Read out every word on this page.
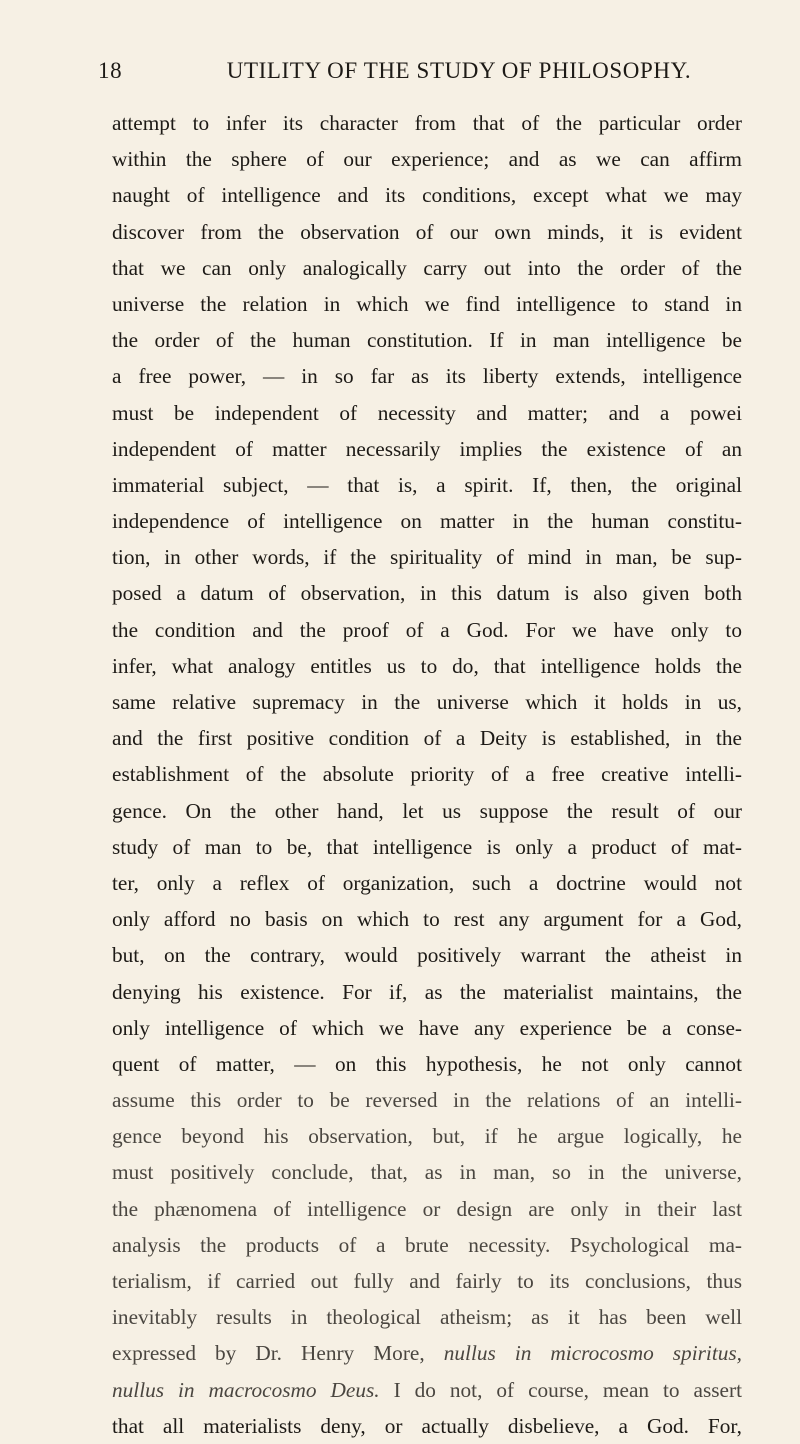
18	UTILITY OF THE STUDY OF PHILOSOPHY.
attempt to infer its character from that of the particular order
within the sphere of our experience; and as we can affirm
naught of intelligence and its conditions, except what we may
discover from the observation of our own minds, it is evident
that we can only analogically carry out into the order of the
universe the relation in which we find intelligence to stand in
the order of the human constitution. If in man intelligence be
a free power, — in so far as its liberty extends, intelligence
must be independent of necessity and matter; and a powei
independent of matter necessarily implies the existence of an
immaterial subject, — that is, a spirit. If, then, the original
independence of intelligence on matter in the human constitu-
tion, in other words, if the spirituality of mind in man, be sup-
posed a datum of observation, in this datum is also given both
the condition and the proof of a God. For we have only to
infer, what analogy entitles us to do, that intelligence holds the
same relative supremacy in the universe which it holds in us,
and the first positive condition of a Deity is established, in the
establishment of the absolute priority of a free creative intelli-
gence. On the other hand, let us suppose the result of our
study of man to be, that intelligence is only a product of mat-
ter, only a reflex of organization, such a doctrine would not
only afford no basis on which to rest any argument for a God,
but, on the contrary, would positively warrant the atheist in
denying his existence. For if, as the materialist maintains, the
only intelligence of which we have any experience be a conse-
quent of matter, — on this hypothesis, he not only cannot
assume this order to be reversed in the relations of an intelli-
gence beyond his observation, but, if he argue logically, he
must positively conclude, that, as in man, so in the universe,
the phænomena of intelligence or design are only in their last
analysis the products of a brute necessity. Psychological ma-
terialism, if carried out fully and fairly to its conclusions, thus
inevitably results in theological atheism; as it has been well
expressed by Dr. Henry More, nullus in microcosmo spiritus,
nullus in macrocosmo Deus. I do not, of course, mean to assert
that all materialists deny, or actually disbelieve, a God. For,
